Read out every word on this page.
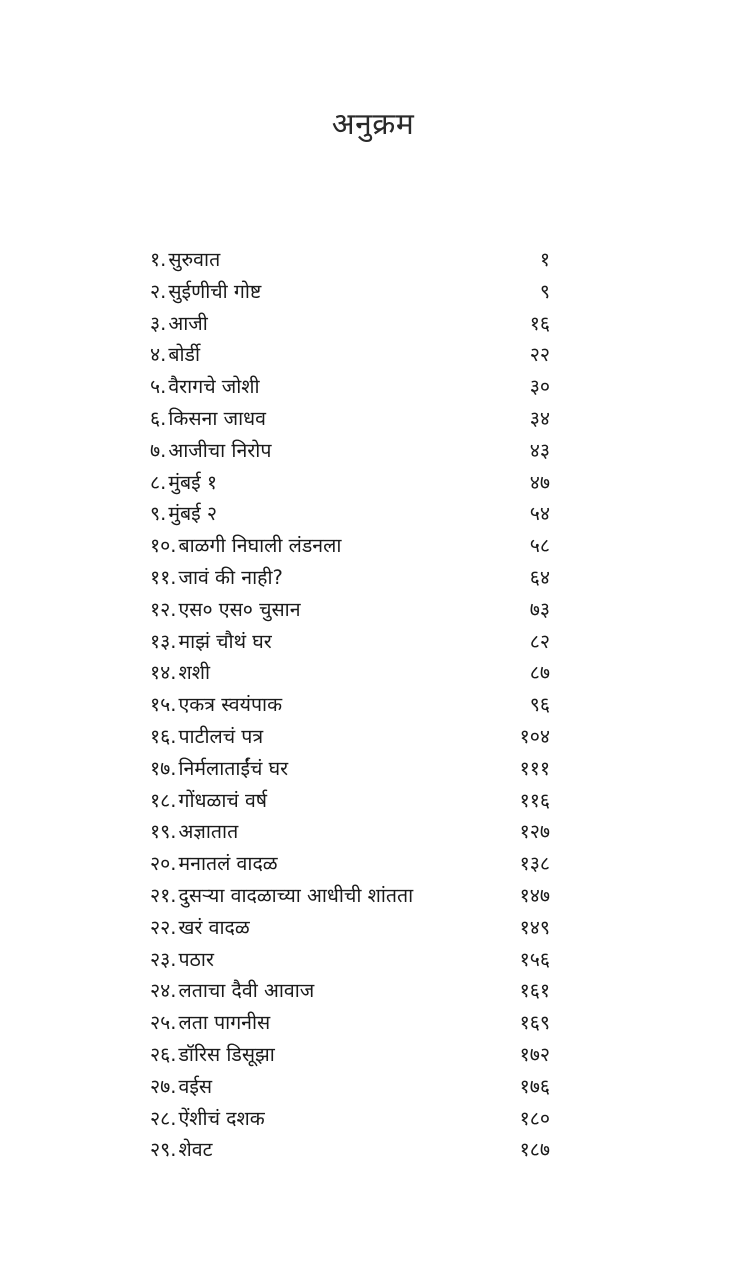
अनुक्रम
१. सुरुवात	१
२. सुईणीची गोष्ट	९
३. आजी	१६
४. बोर्डी	२२
५. वैरागचे जोशी	३०
६. किसना जाधव	३४
७. आजीचा निरोप	४३
८. मुंबई १	४७
९. मुंबई २	५४
१०. बाळगी निघाली लंडनला	५८
११. जावं की नाही?	६४
१२. एस० एस० चुसान	७३
१३. माझं चौथं घर	८२
१४. शशी	८७
१५. एकत्र स्वयंपाक	९६
१६. पाटीलचं पत्र	१०४
१७. निर्मलाताईंचं घर	१११
१८. गोंधळाचं वर्ष	११६
१९. अज्ञातात	१२७
२०. मनातलं वादळ	१३८
२१. दुसऱ्या वादळाच्या आधीची शांतता	१४७
२२. खरं वादळ	१४९
२३. पठार	१५६
२४. लताचा दैवी आवाज	१६१
२५. लता पागनीस	१६९
२६. डॉरिस डिसूझा	१७२
२७. वईस	१७६
२८. ऐंशीचं दशक	१८०
२९. शेवट	१८७
